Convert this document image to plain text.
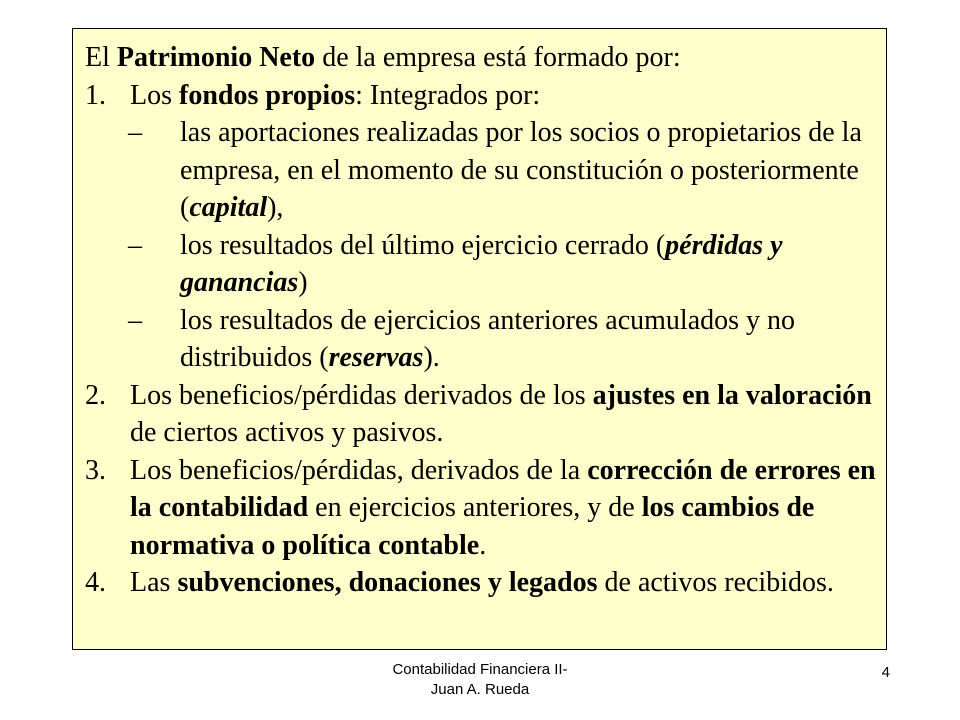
El Patrimonio Neto de la empresa está formado por:

1. Los fondos propios: Integrados por:
– las aportaciones realizadas por los socios o propietarios de la empresa, en el momento de su constitución o posteriormente (capital),
– los resultados del último ejercicio cerrado (pérdidas y ganancias)
– los resultados de ejercicios anteriores acumulados y no distribuidos (reservas).
2. Los beneficios/pérdidas derivados de los ajustes en la valoración de ciertos activos y pasivos.
3. Los beneficios/pérdidas, derivados de la corrección de errores en la contabilidad en ejercicios anteriores, y de los cambios de normativa o política contable.
4. Las subvenciones, donaciones y legados de activos recibidos.
Contabilidad Financiera II-
Juan A. Rueda
4
